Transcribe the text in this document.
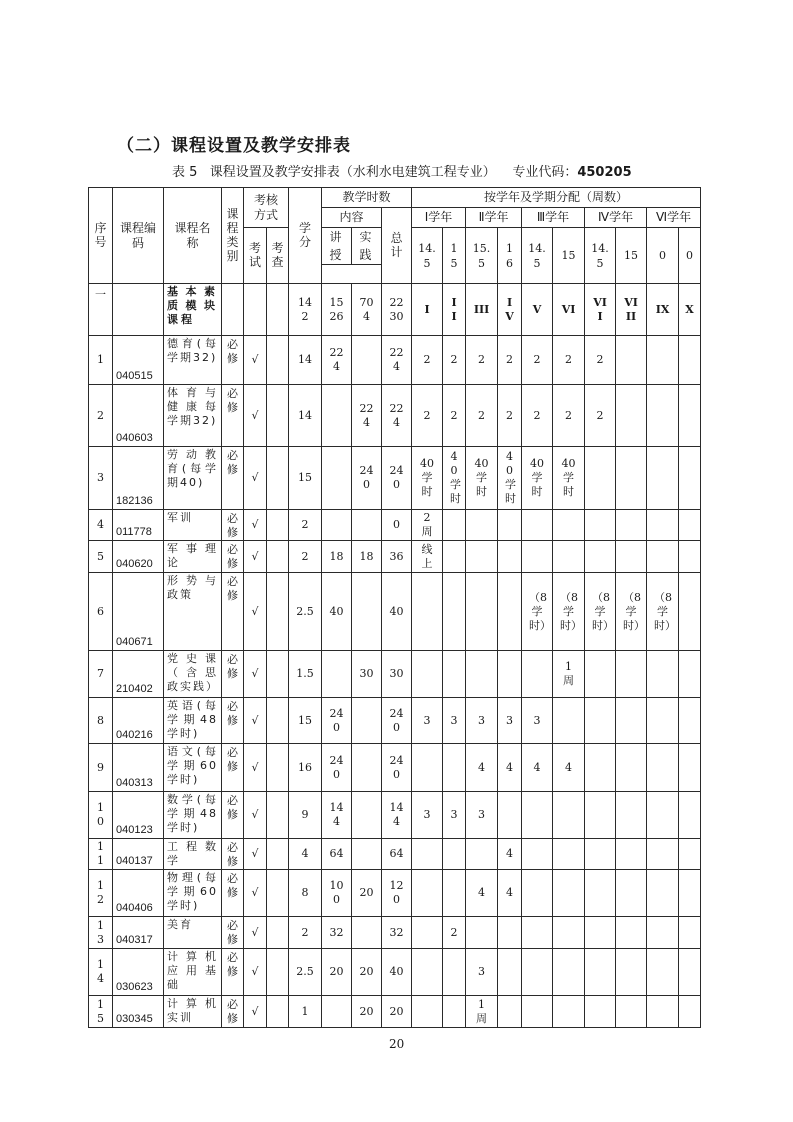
（二）课程设置及教学安排表
表 5   课程设置及教学安排表（水利水电建筑工程专业）    专业代码：450205
序号	课程编码	课程名称	课程类别	考核方式		学分	教学时数			按学年及学期分配（周数）									
							内容		总计	Ⅰ学年		Ⅱ学年		Ⅲ学年		Ⅳ学年		Ⅵ学年	
				考试	考查		讲授	实践		14.5	15	15.5	16	14.5	15	14.5	15	0	0

一		基本素质模块课程				142	1526	704	2230	I	II	III	IV	V	VI	VII	VIII	IX	X
1	040515	德育(每学期32)	必修	√		14	224		224	2	2	2	2	2	2	2			
2	040603	体育与健康每学期32)	必修	√		14		224	224	2	2	2	2	2	2	2			
3	182136	劳动教育(每学期40)	必修	√		15		240	240	40学时	40学时	40学时	40学时	40学时	40学时				
4	011778	军训	必修	√		2			0	2周									
5	040620	军事理论	必修	√		2	18	18	36	线上									
6	040671	形势与政策	必修	√		2.5	40		40					（8学时）	（8学时）	（8学时）	（8学时）	（8学时）	
7	210402	党史课（含思政实践）	必修	√		1.5		30	30						1周				
8	040216	英语(每学期48学时)	必修	√		15	240		240	3	3	3	3	3					
9	040313	语文(每学期60学时)	必修	√		16	240		240			4	4	4	4				
10	040123	数学(每学期48学时)	必修	√		9	144		144	3	3	3							
11	040137	工程数学	必修	√		4	64		64				4						
12	040406	物理(每学期60学时)	必修	√		8	100	20	120			4	4						
13	040317	美育	必修	√		2	32		32		2								
14	030623	计算机应用基础	必修	√		2.5	20	20	40			3							
15	030345	计算机实训	必修	√		1		20	20			1周							
20
